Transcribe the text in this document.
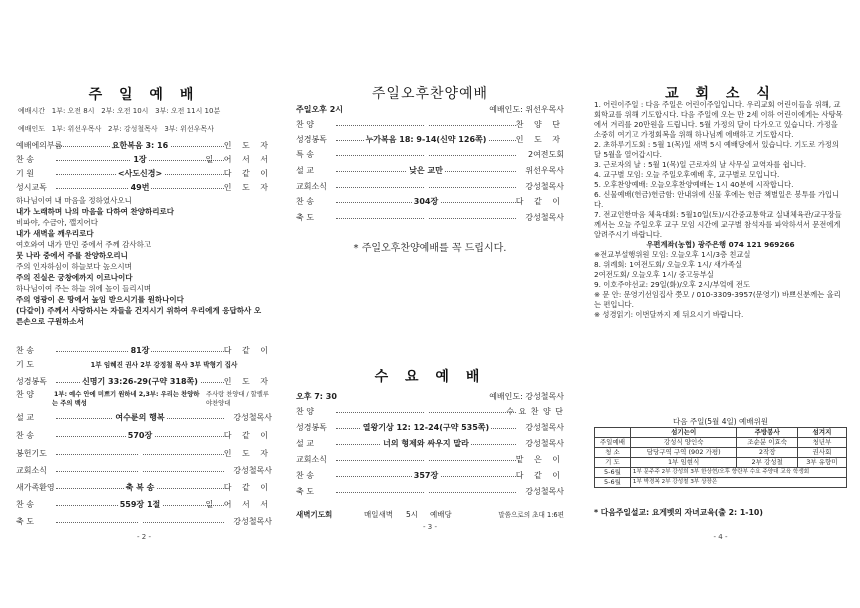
주 일 예 배
예배시간 1부: 오전 8시 2부: 오전 10시 3부: 오전 11시 10분
예배인도 1부: 위선우목사 2부: 강성철목사 3부: 위선우목사
예배에의부름	요한복음 3: 16	인 도 자
찬 송	1장	일 어 서 서
기 원	<사도신경>	다 같 이
성시교독	49번	인 도 자
하나님이여 내 마음을 정하였사오니
내가 노래하며 나의 마음을 다하여 찬양하리로다
비파야, 수금아, 깰지어다
내가 새벽을 깨우리로다
여호와여 내가 만민 중에서 주께 감사하고
뭇 나라 중에서 주를 찬양하오리니
주의 인자하심이 하늘보다 높으시며
주의 진실은 궁창에까지 이르나이다
하나님이여 주는 하늘 위에 높이 들리시며
주의 영광이 온 땅에서 높임 받으시기를 원하나이다
(다같이) 주께서 사랑하시는 자들을 건지시기 위하여 우리에게 응답하사 오
른손으로 구원하소서
찬 송	81장	다 같 이
기 도	1부 임혜진 권사 2부 강정철 목사 3부 박형기 집사
성경봉독	신명기 33:26-29(구약 318쪽)	인 도 자
찬 양	1부: 예수 안에 미쁘기 원하네 2,3부: 우리는 찬양하는 주의 백성
주사랑 찬양대 / 할렐루야찬양대
설 교	여수룬의 행복	강성철목사
찬 송	570장	다 같 이
봉헌기도	인 도 자
교회소식	강성철목사
새가족환영	축 복 송	다 같 이
찬 송	559장 1절	일 어 서 서
축 도	강성철목사
- 2 -
주일오후찬양예배
주일오후 2시	예배인도: 위선우목사
찬 양	찬 양 단
성경봉독	누가복음 18: 9-14(신약 126쪽)	인 도 자
특 송	2여전도회
설 교	낮은 교만	위선우목사
교회소식	강성철목사
찬 송	304장	다 같 이
축 도	강성철목사
* 주일오후찬양예배를 꼭 드립시다.
수 요 예 배
오후 7: 30	예배인도: 강성철목사
찬 양	수 요 찬 양 단
성경봉독	열왕기상 12: 12-24(구약 535쪽)	강성철목사
설 교	너의 형제와 싸우지 말라	강성철목사
교회소식	맡 은 이
찬 송	357장	다 같 이
축 도	강성철목사
새벽기도회	매일새벽 5시 예배당	말씀으로의 초대 1:6편
- 3 -
교 회 소 식
1. 어린이주일 : 다음 주일은 어린이주일입니다. 우리교회 어린이들을 위해, 교회학교를 위해 기도합시다. 다음 주일에 오는 만 2세 이하 어린이에게는 사탕목에서 겨리를 20만원을 드립니다. 5월 가정의 달이 다가오고 있습니다. 가정을 소중히 여기고 가정회복을 위해 하나님께 에배하고 기도합시다.
2. 초하루기도회 : 5월 1(목)일 새벽 5시 예배당에서 있습니다. 기도로 가정의 달 5월을 열어갑시다.
3. 근로자의 날 : 5월 1(목)일 근로자의 날 사무실 교역자를 쉽니다.
4. 교구별 모임: 오늘 주일오후예배 후, 교구별로 모입니다.
5. 오후찬양예배: 오늘오후찬양예배는 1시 40분에 시작합니다.
6. 신물예배(헌금)헌금함: 안내위에 신물 후에는 헌금 책별일은 봉투를 가입니다.
7. 전교인한마음 체육대회: 5월10일(토)/시간중교통학교 실내체육관/교구장들께서는 오늘 주일오후 교구 모임 시간에 교구별 참석자를 파악하셔서 문전에게 알려주시기 바랍니다.
우편계좌(농협) 광주은행 074 121 969266
※전교부설행위원 모임: 오늘오후 1시/3층 친교실
8. 위례회: 1여전도회/ 오늘오후 1시/ 새가족실
2여전도회/ 오늘오후 1시/ 중고등부실
9. 이호주야선교: 29일(화)/오후 2시/부엌에 전도
※ 문 안: 문영기선임집사 쯧모 / 010-3309-3957(문영기) 바쁘신분께는 올리는 편입니다.
※ 성경읽기: 이번달까지 제 뒤요시기 바랍니다.
다음 주일(5월 4일) 예배위원
	섬기는이	주방봉사	섬겨지
주일예배	강성식 양인숙	조순분 이효숙	청년부
청 소	담당구역 구역 (902 가평)	2작장	권사회
기 도	1부 임현식	2부 강성철	3부 유향미
5-6월	1부 문주주 2부 강성희 3부 한상현/오후 향란부 수요 주양대 교육 학생회		
5-6월	1부 박경복 2부 강성철 3부 상장은		
* 다음주일설교: 요게벳의 자녀교육(출 2: 1-10)
- 4 -
